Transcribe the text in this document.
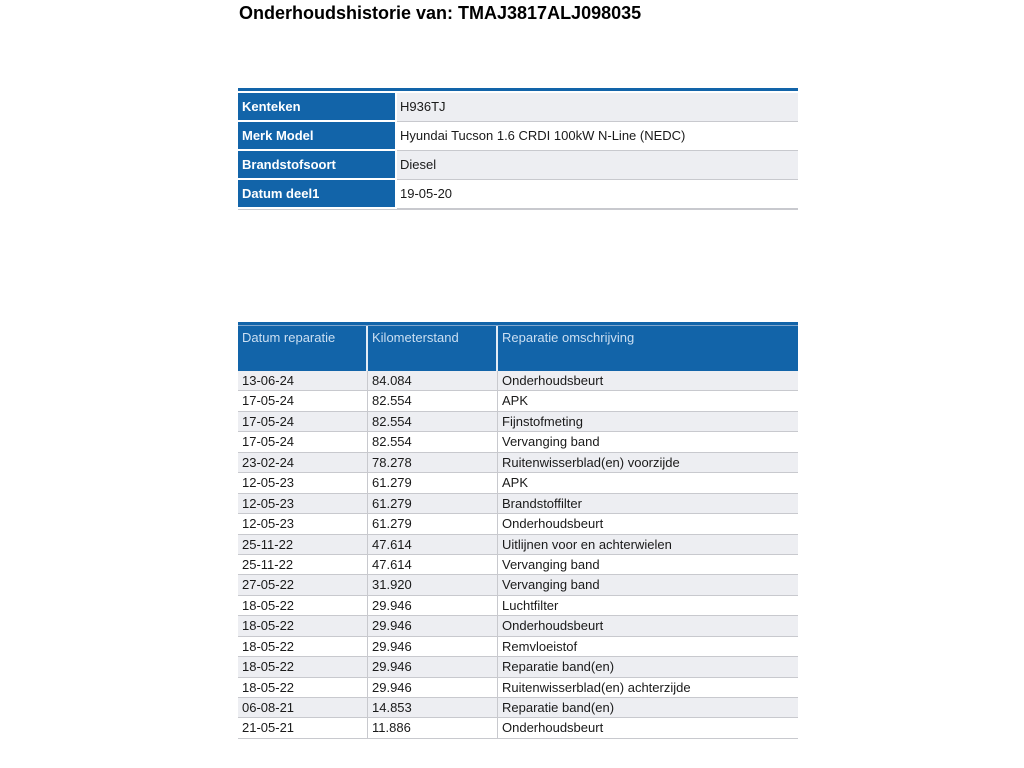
Onderhoudshistorie van: TMAJ3817ALJ098035
Kenteken	H936TJ
Merk Model	Hyundai Tucson 1.6 CRDI 100kW N-Line (NEDC)
Brandstofsoort	Diesel
Datum deel1	19-05-20
Datum reparatie	Kilometerstand	Reparatie omschrijving
13-06-24	84.084	Onderhoudsbeurt
17-05-24	82.554	APK
17-05-24	82.554	Fijnstofmeting
17-05-24	82.554	Vervanging band
23-02-24	78.278	Ruitenwisserblad(en) voorzijde
12-05-23	61.279	APK
12-05-23	61.279	Brandstoffilter
12-05-23	61.279	Onderhoudsbeurt
25-11-22	47.614	Uitlijnen voor en achterwielen
25-11-22	47.614	Vervanging band
27-05-22	31.920	Vervanging band
18-05-22	29.946	Luchtfilter
18-05-22	29.946	Onderhoudsbeurt
18-05-22	29.946	Remvloeistof
18-05-22	29.946	Reparatie band(en)
18-05-22	29.946	Ruitenwisserblad(en) achterzijde
06-08-21	14.853	Reparatie band(en)
21-05-21	11.886	Onderhoudsbeurt
